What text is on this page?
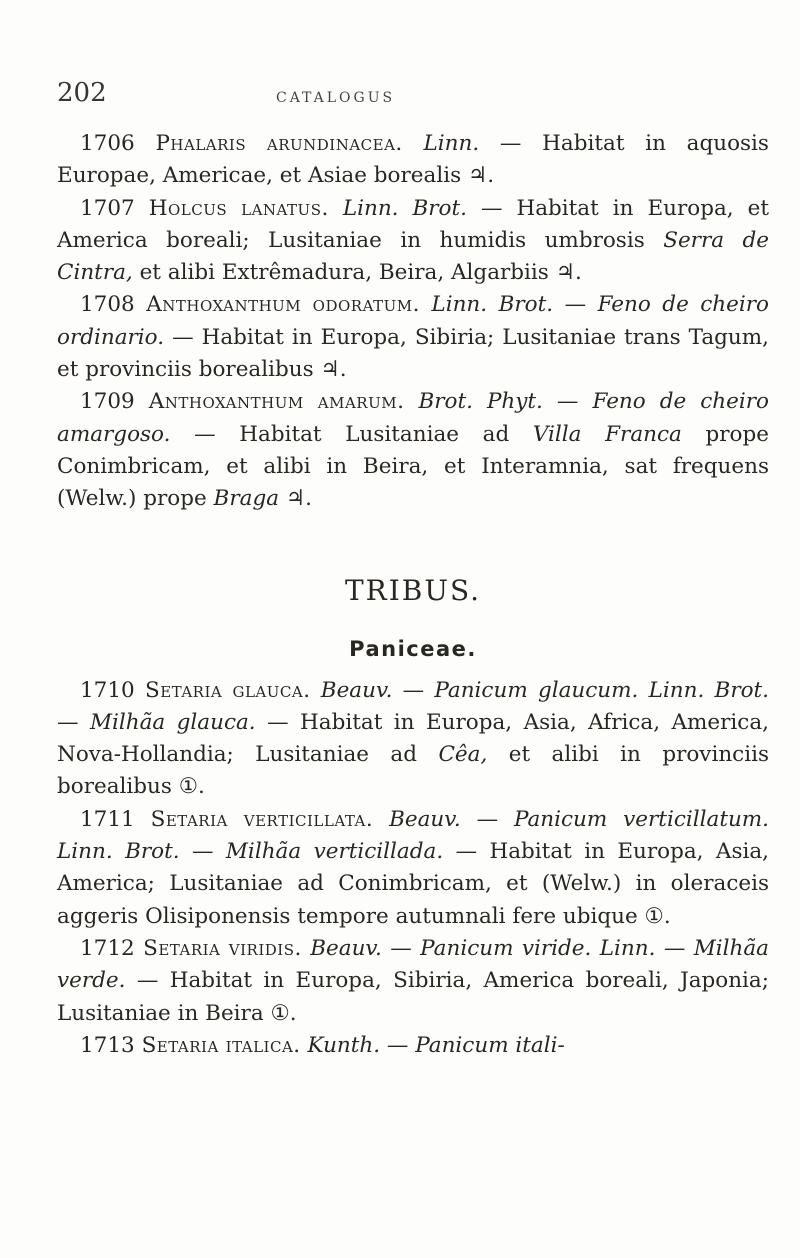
202	CATALOGUS

1706 Phalaris arundinacea. Linn. — Habitat in aquosis Europae, Americae, et Asiae borealis ♃.

1707 Holcus lanatus. Linn. Brot. — Habitat in Europa, et America boreali; Lusitaniae in humidis umbrosis Serra de Cintra, et alibi Extrêmadura, Beira, Algarbiis ♃.

1708 Anthoxanthum odoratum. Linn. Brot. — Feno de cheiro ordinario. — Habitat in Europa, Sibiria; Lusitaniae trans Tagum, et provinciis borealibus ♃.

1709 Anthoxanthum amarum. Brot. Phyt. — Feno de cheiro amargoso. — Habitat Lusitaniae ad Villa Franca prope Conimbricam, et alibi in Beira, et Interamnia, sat frequens (Welw.) prope Braga ♃.

TRIBUS.
Paniceae.

1710 Setaria glauca. Beauv. — Panicum glaucum. Linn. Brot. — Milhãa glauca. — Habitat in Europa, Asia, Africa, America, Nova-Hollandia; Lusitaniae ad Cêa, et alibi in provinciis borealibus ①.

1711 Setaria verticillata. Beauv. — Panicum verticillatum. Linn. Brot. — Milhãa verticillada. — Habitat in Europa, Asia, America; Lusitaniae ad Conimbricam, et (Welw.) in oleraceis aggeris Olisiponensis tempore autumnali fere ubique ①.

1712 Setaria viridis. Beauv. — Panicum viride. Linn. — Milhãa verde. — Habitat in Europa, Sibiria, America boreali, Japonia; Lusitaniae in Beira ①.

1713 Setaria italica. Kunth. — Panicum itali-
